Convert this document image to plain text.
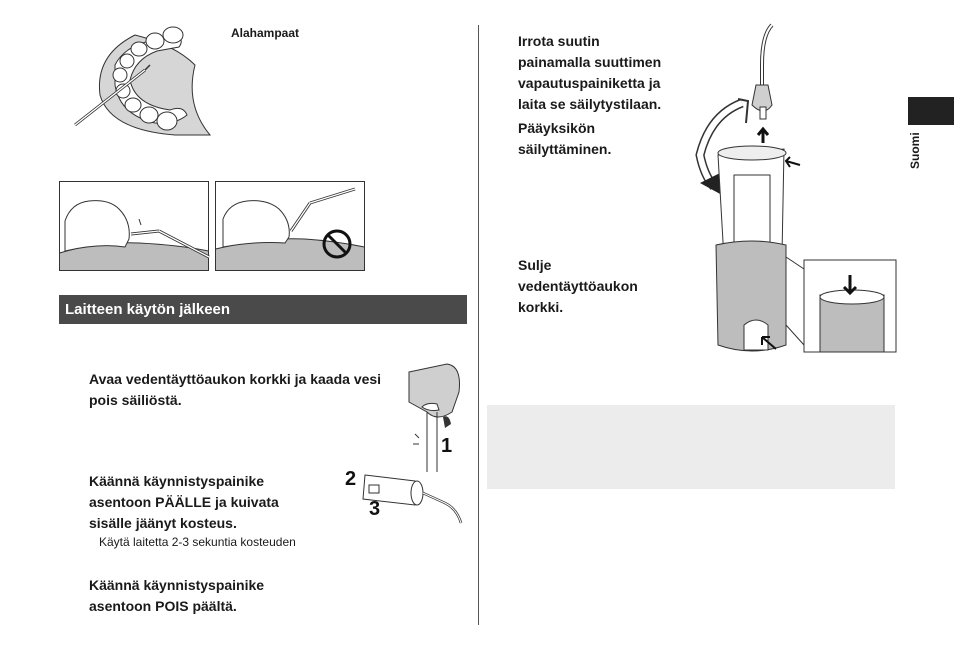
Alahampaat
Laitteen käytön jälkeen
Avaa vedentäyttöaukon korkki ja kaada vesi
pois säiliöstä.
1
Käännä käynnistyspainike
asentoon PÄÄLLE ja kuivata
sisälle jäänyt kosteus.
Käytä laitetta 2-3 sekuntia kosteuden
2
3
Käännä käynnistyspainike
asentoon POIS päältä.
Irrota suutin
painamalla suuttimen
vapautuspainiketta ja
laita se säilytystilaan.
Pääyksikön
säilyttäminen.
Sulje
vedentäyttöaukon
korkki.
Suomi
